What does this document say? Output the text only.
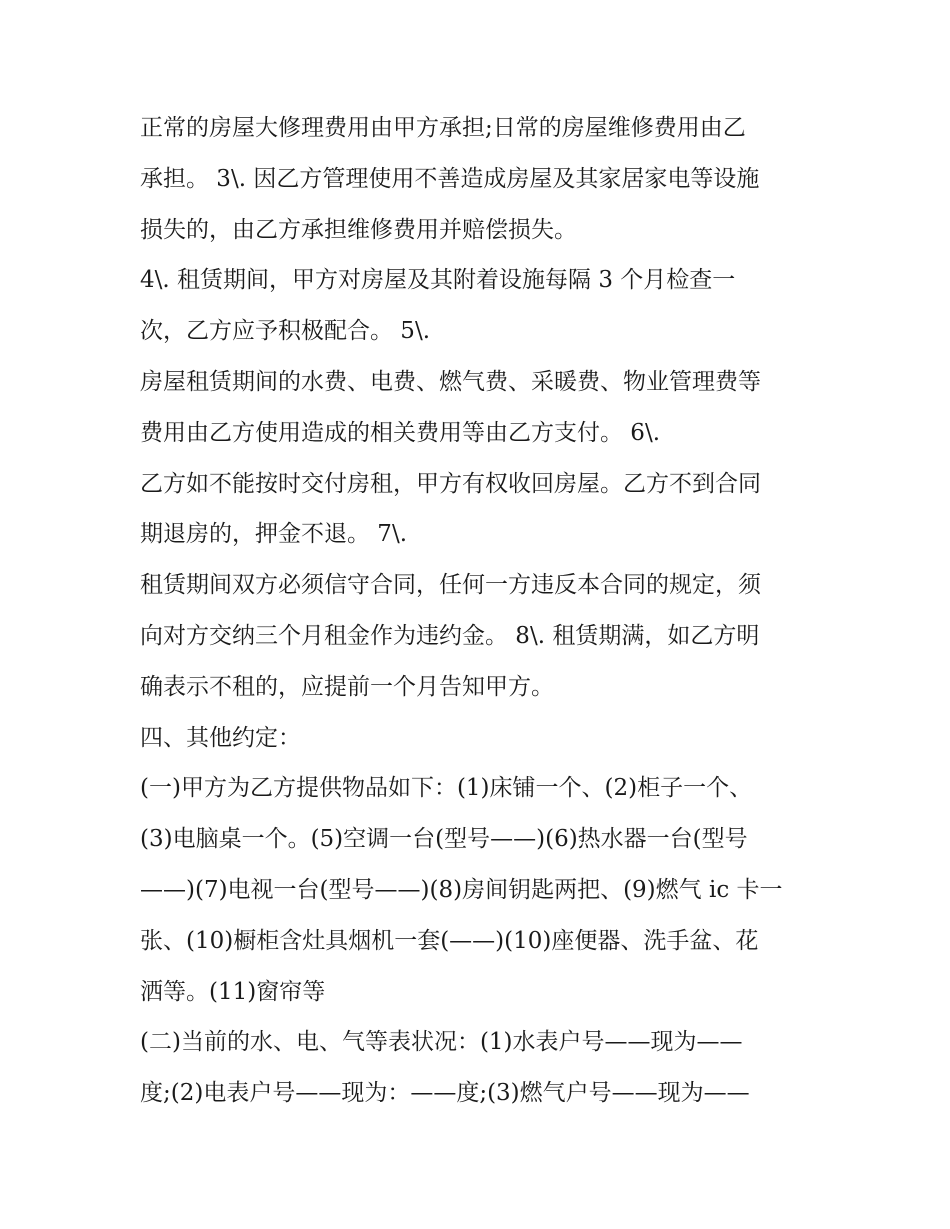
正常的房屋大修理费用由甲方承担;日常的房屋维修费用由乙
承担。 3\. 因乙方管理使用不善造成房屋及其家居家电等设施
损失的，由乙方承担维修费用并赔偿损失。
4\. 租赁期间，甲方对房屋及其附着设施每隔 3 个月检查一
次，乙方应予积极配合。 5\.
房屋租赁期间的水费、电费、燃气费、采暖费、物业管理费等
费用由乙方使用造成的相关费用等由乙方支付。 6\.
乙方如不能按时交付房租，甲方有权收回房屋。乙方不到合同
期退房的，押金不退。 7\.
租赁期间双方必须信守合同，任何一方违反本合同的规定，须
向对方交纳三个月租金作为违约金。 8\. 租赁期满，如乙方明
确表示不租的，应提前一个月告知甲方。
四、其他约定：
(一)甲方为乙方提供物品如下：(1)床铺一个、(2)柜子一个、
(3)电脑桌一个。(5)空调一台(型号——)(6)热水器一台(型号
——)(7)电视一台(型号——)(8)房间钥匙两把、(9)燃气 ic 卡一
张、(10)橱柜含灶具烟机一套(——)(10)座便器、洗手盆、花
洒等。(11)窗帘等
(二)当前的水、电、气等表状况：(1)水表户号——现为——
度;(2)电表户号——现为：——度;(3)燃气户号——现为——
